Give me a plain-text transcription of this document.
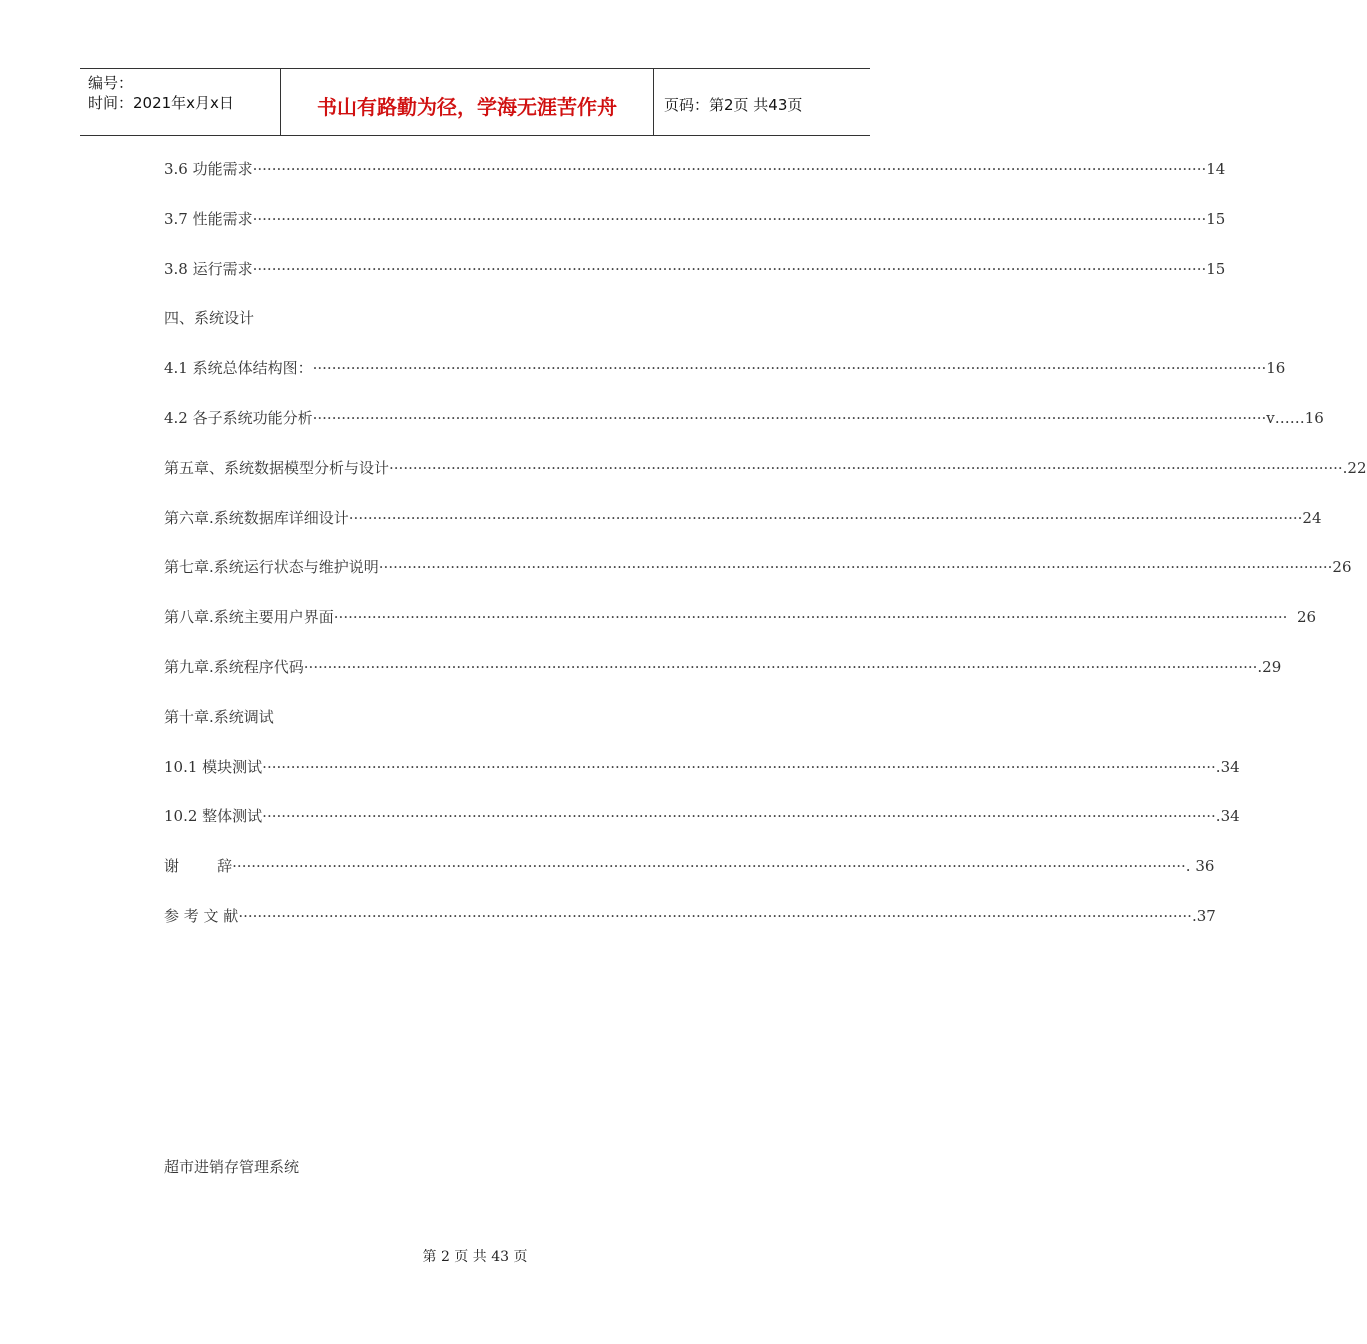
编号：
时间：2021年x月x日	书山有路勤为径，学海无涯苦作舟	页码：第2页 共43页
3.6 功能需求 ········································································································································································································ 14
3.7 性能需求 ········································································································································································································ 15
3.8 运行需求 ········································································································································································································ 15
四、系统设计
4.1 系统总体结构图： ········································································································································································································ 16
4.2 各子系统功能分析 ········································································································································································································ v……16
第五章、系统数据模型分析与设计 ········································································································································································································ .22
第六章.系统数据库详细设计 ········································································································································································································ 24
第七章.系统运行状态与维护说明 ········································································································································································································ 26
第八章.系统主要用户界面 ········································································································································································································ 26
第九章.系统程序代码 ········································································································································································································ .29
第十章.系统调试
10.1 模块测试 ········································································································································································································ .34
10.2 整体测试 ········································································································································································································ .34
谢        辞 ········································································································································································································ . 36
参 考 文 献 ········································································································································································································ .37
超市进销存管理系统
第 2 页 共 43 页
